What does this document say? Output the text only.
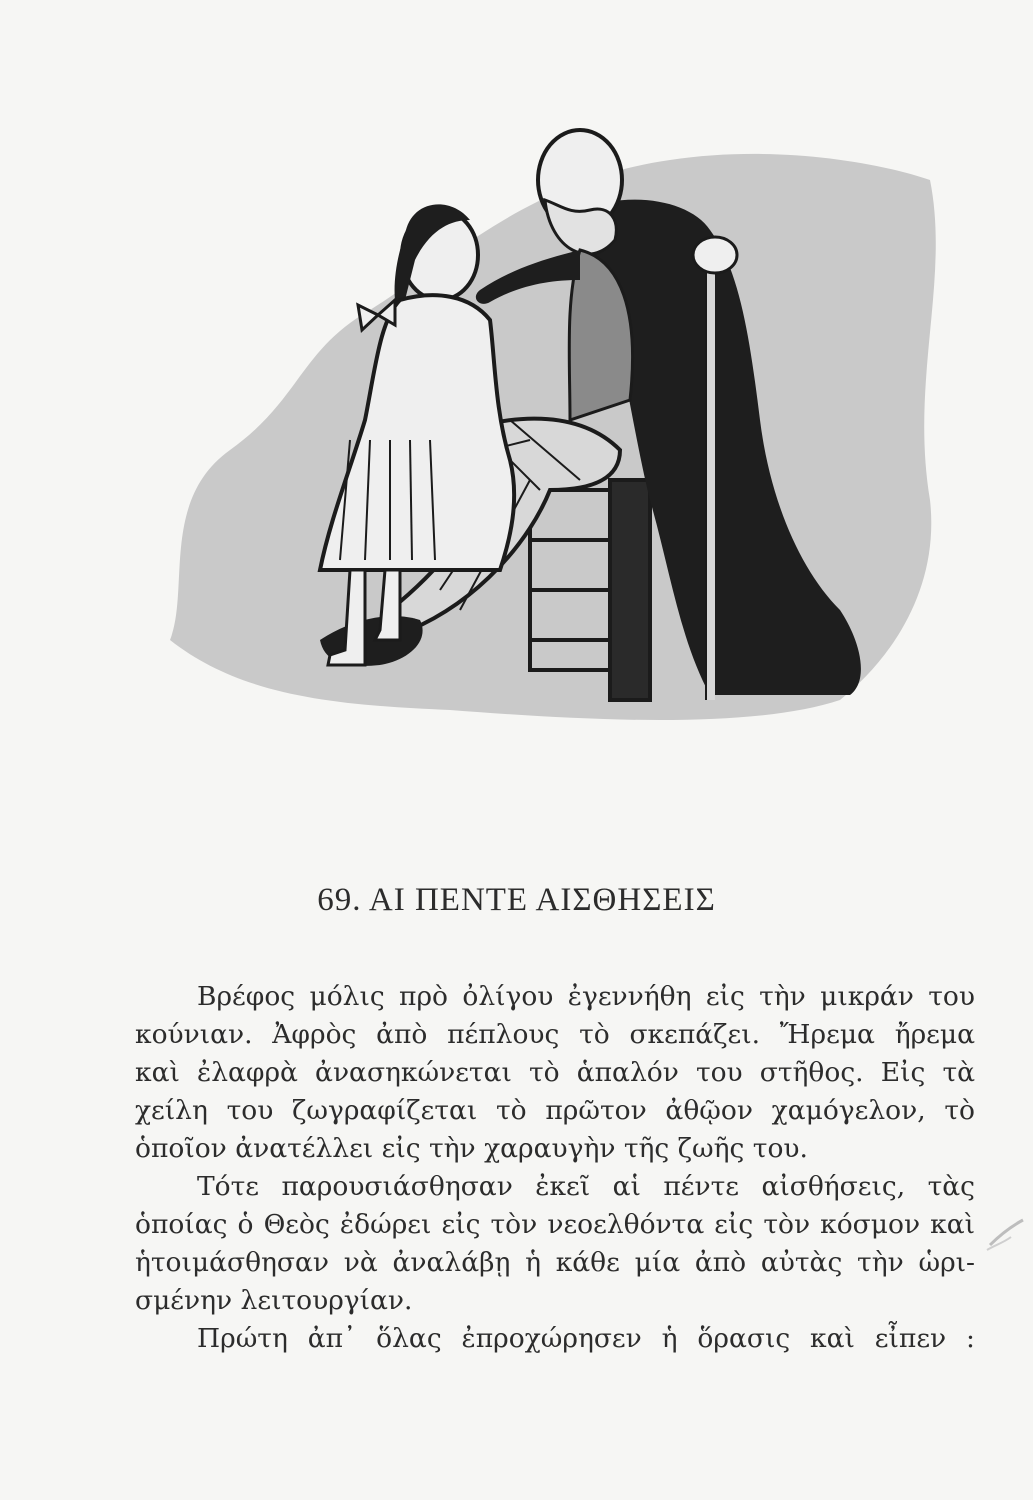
69. ΑΙ ΠΕΝΤΕ ΑΙΣΘΗΣΕΙΣ
Βρέφος μόλις πρὸ ὀλίγου ἐγεννήθη εἰς τὴν μικράν του
κούνιαν. Ἀφρὸς ἀπὸ πέπλους τὸ σκεπάζει. Ἤρεμα ἤρεμα
καὶ ἐλαφρὰ ἀνασηκώνεται τὸ ἁπαλόν του στῆθος. Εἰς τὰ
χείλη του ζωγραφίζεται τὸ πρῶτον ἀθῷον χαμόγελον, τὸ
ὁποῖον ἀνατέλλει εἰς τὴν χαραυγὴν τῆς ζωῆς του.
Τότε παρουσιάσθησαν ἐκεῖ αἱ πέντε αἰσθήσεις, τὰς
ὁποίας ὁ Θεὸς ἐδώρει εἰς τὸν νεοελθόντα εἰς τὸν κόσμον καὶ
ἡτοιμάσθησαν νὰ ἀναλάβῃ ἡ κάθε μία ἀπὸ αὐτὰς τὴν ὡρι-
σμένην λειτουργίαν.
Πρώτη ἀπ᾽ ὅλας ἐπροχώρησεν ἡ ὅρασις καὶ εἶπεν :
